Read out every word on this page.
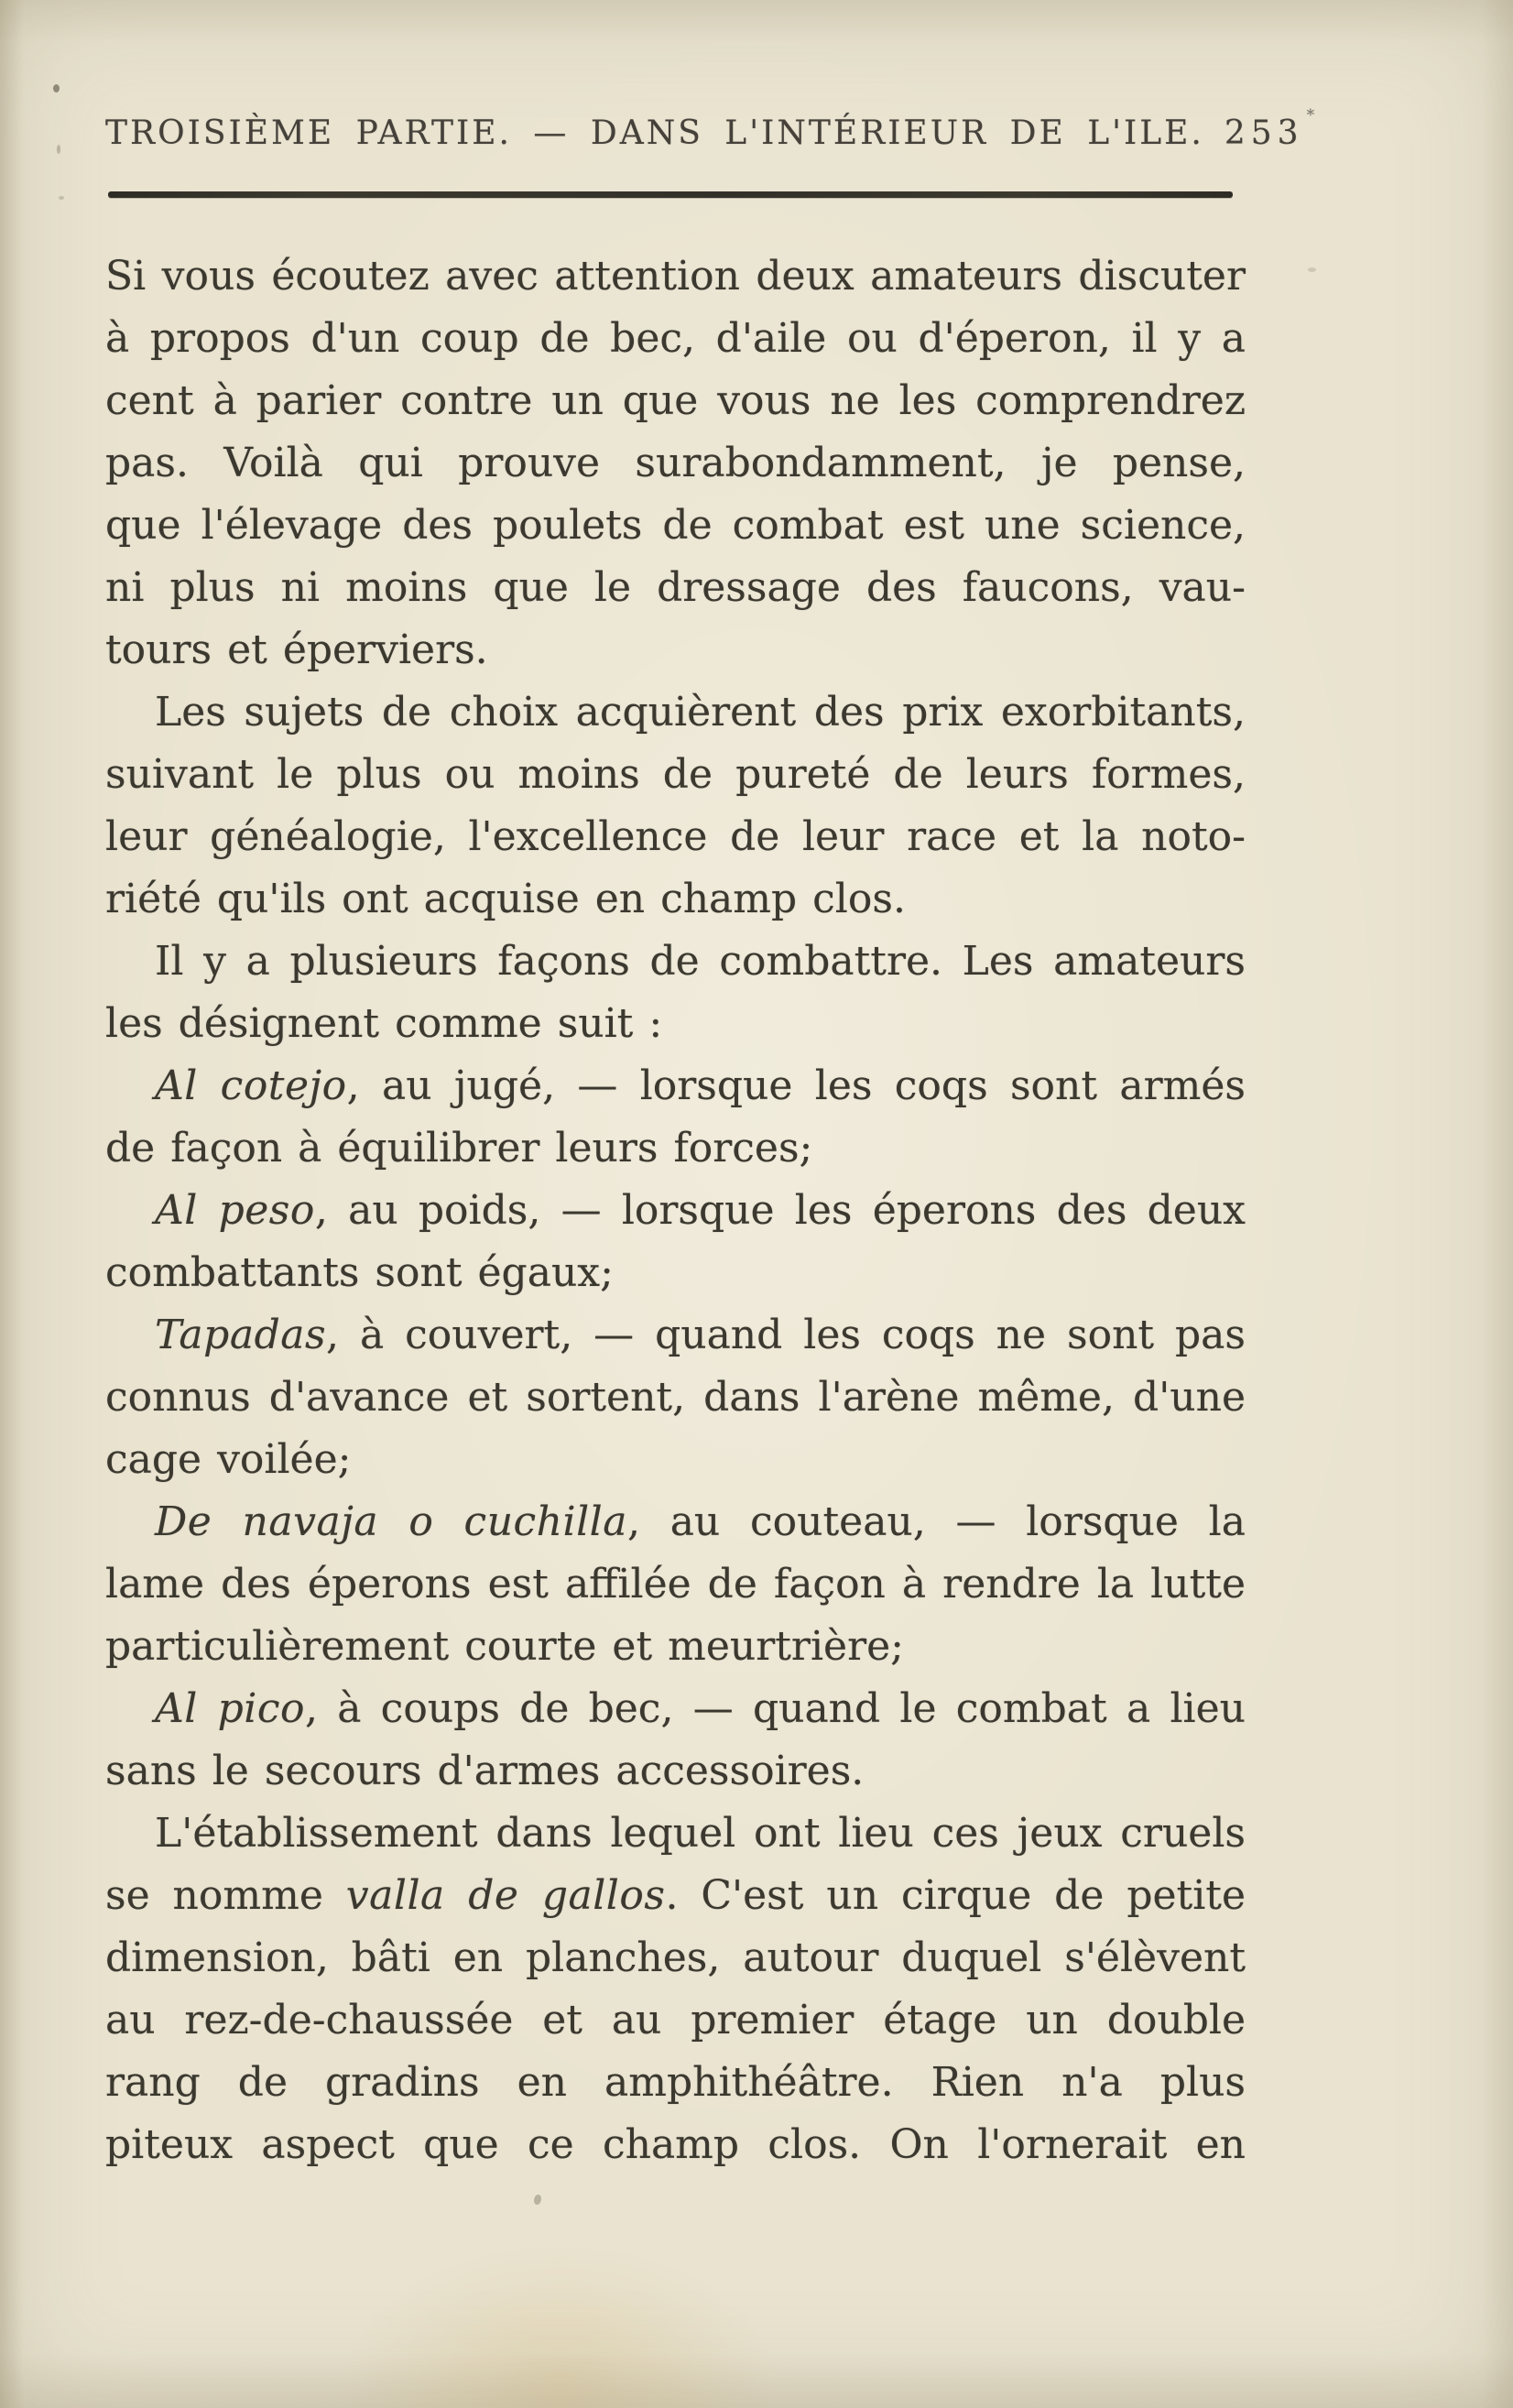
TROISIÈME PARTIE. — DANS L'INTÉRIEUR DE L'ILE. 253 *
Si vous écoutez avec attention deux amateurs discuter
à propos d'un coup de bec, d'aile ou d'éperon, il y a
cent à parier contre un que vous ne les comprendrez
pas. Voilà qui prouve surabondamment, je pense,
que l'élevage des poulets de combat est une science,
ni plus ni moins que le dressage des faucons, vau-
tours et éperviers.
Les sujets de choix acquièrent des prix exorbitants,
suivant le plus ou moins de pureté de leurs formes,
leur généalogie, l'excellence de leur race et la noto-
riété qu'ils ont acquise en champ clos.
Il y a plusieurs façons de combattre. Les amateurs
les désignent comme suit :
Al cotejo, au jugé, — lorsque les coqs sont armés
de façon à équilibrer leurs forces;
Al peso, au poids, — lorsque les éperons des deux
combattants sont égaux;
Tapadas, à couvert, — quand les coqs ne sont pas
connus d'avance et sortent, dans l'arène même, d'une
cage voilée;
De navaja o cuchilla, au couteau, — lorsque la
lame des éperons est affilée de façon à rendre la lutte
particulièrement courte et meurtrière;
Al pico, à coups de bec, — quand le combat a lieu
sans le secours d'armes accessoires.
L'établissement dans lequel ont lieu ces jeux cruels
se nomme valla de gallos. C'est un cirque de petite
dimension, bâti en planches, autour duquel s'élèvent
au rez-de-chaussée et au premier étage un double
rang de gradins en amphithéâtre. Rien n'a plus
piteux aspect que ce champ clos. On l'ornerait en
